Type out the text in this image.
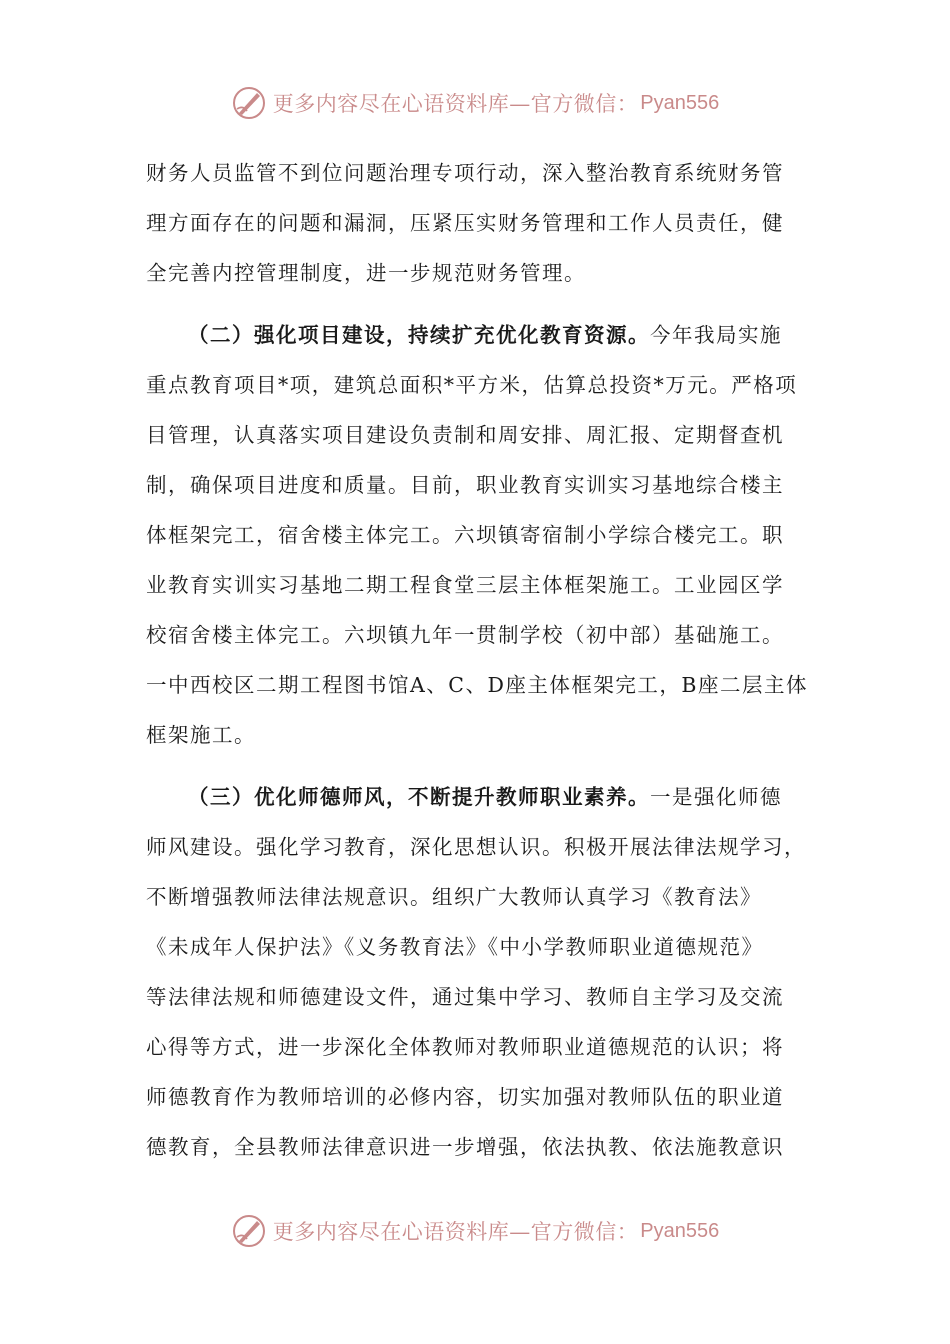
更多内容尽在心语资料库—官方微信： Pyan556
财务人员监管不到位问题治理专项行动，深入整治教育系统财务管
理方面存在的问题和漏洞，压紧压实财务管理和工作人员责任，健
全完善内控管理制度，进一步规范财务管理。
（二）强化项目建设，持续扩充优化教育资源。今年我局实施
重点教育项目*项，建筑总面积*平方米，估算总投资*万元。严格项
目管理，认真落实项目建设负责制和周安排、周汇报、定期督查机
制，确保项目进度和质量。目前，职业教育实训实习基地综合楼主
体框架完工，宿舍楼主体完工。六坝镇寄宿制小学综合楼完工。职
业教育实训实习基地二期工程食堂三层主体框架施工。工业园区学
校宿舍楼主体完工。六坝镇九年一贯制学校（初中部）基础施工。
一中西校区二期工程图书馆A、C、D座主体框架完工，B座二层主体
框架施工。
（三）优化师德师风，不断提升教师职业素养。一是强化师德
师风建设。强化学习教育，深化思想认识。积极开展法律法规学习，
不断增强教师法律法规意识。组织广大教师认真学习《教育法》
《未成年人保护法》《义务教育法》《中小学教师职业道德规范》
等法律法规和师德建设文件，通过集中学习、教师自主学习及交流
心得等方式，进一步深化全体教师对教师职业道德规范的认识；将
师德教育作为教师培训的必修内容，切实加强对教师队伍的职业道
德教育，全县教师法律意识进一步增强，依法执教、依法施教意识
更多内容尽在心语资料库—官方微信： Pyan556
